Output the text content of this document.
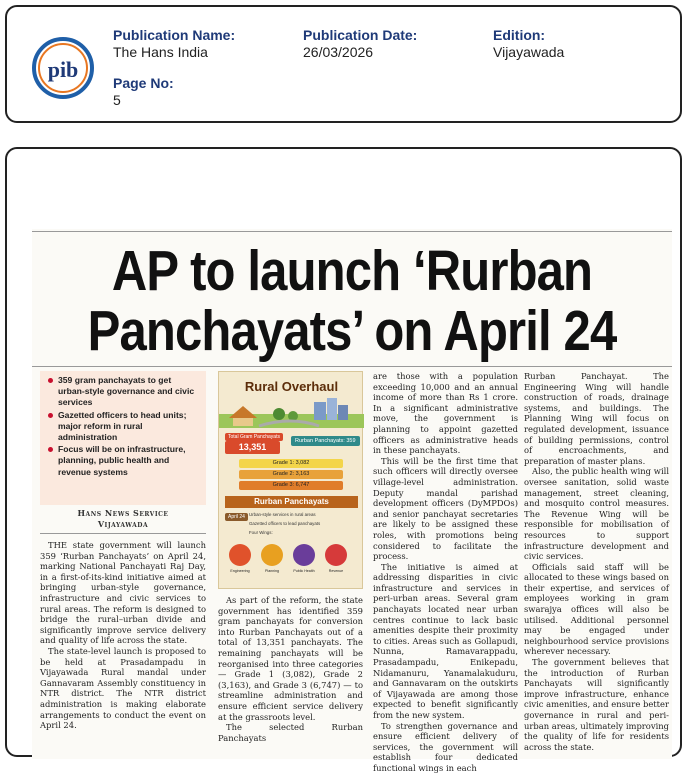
pib
Publication Name:
The Hans India
Publication Date:
26/03/2026
Edition:
Vijayawada
Page No:
5
AP to launch ‘Rurban
Panchayats’ on April 24
359 gram panchayats to get urban-style governance and civic services
Gazetted officers to head units; major reform in rural administration
Focus will be on infrastructure, planning, public health and revenue systems
Hans News Service
Vijayawada

THE state government will launch 359 ‘Rurban Panchayats’ on April 24, marking National Panchayati Raj Day, in a first-of-its-kind initiative aimed at bringing urban-style governance, infrastructure and civic services to rural areas. The reform is designed to bridge the rural–urban divide and significantly improve service delivery and quality of life across the state.

The state-level launch is proposed to be held at Prasadampadu in Vijayawada Rural mandal under Gannavaram Assembly constituency in NTR district. The NTR district administration is making elaborate arrangements to conduct the event on April 24.

Rural Overhaul
Total Gram Panchayats
13,351
Rurban Panchayats: 359
Grade 1: 3,082
Grade 2: 3,163
Grade 3: 6,747
Rurban Panchayats
April 24 Urban-style services in rural areas
Gazetted officers to lead panchayats
Four Wings:
Engineering	Planning	Public Health	Revenue

As part of the reform, the state government has identified 359 gram panchayats for conversion into Rurban Panchayats out of a total of 13,351 panchayats. The remaining panchayats will be reorganised into three categories — Grade 1 (3,082), Grade 2 (3,163), and Grade 3 (6,747) — to streamline administration and ensure efficient service delivery at the grassroots level.

The selected Rurban Panchayats

are those with a population exceeding 10,000 and an annual income of more than Rs 1 crore. In a significant administrative move, the government is planning to appoint gazetted officers as administrative heads in these panchayats.

This will be the first time that such officers will directly oversee village-level administration. Deputy mandal parishad development officers (DyMPDOs) and senior panchayat secretaries are likely to be assigned these roles, with promotions being considered to facilitate the process.

The initiative is aimed at addressing disparities in civic infrastructure and services in peri-urban areas. Several gram panchayats located near urban centres continue to lack basic amenities despite their proximity to cities. Areas such as Gollapudi, Nunna, Ramavarappadu, Prasadampadu, Enikepadu, Nidamanuru, Yanamalakuduru, and Gannavaram on the outskirts of Vijayawada are among those expected to benefit significantly from the new system.

To strengthen governance and ensure efficient delivery of services, the government will establish four dedicated functional wings in each

Rurban Panchayat. The Engineering Wing will handle construction of roads, drainage systems, and buildings. The Planning Wing will focus on regulated development, issuance of building permissions, control of encroachments, and preparation of master plans.

Also, the public health wing will oversee sanitation, solid waste management, street cleaning, and mosquito control measures. The Revenue Wing will be responsible for mobilisation of resources to support infrastructure development and civic services.

Officials said staff will be allocated to these wings based on their expertise, and services of employees working in gram swarajya offices will also be utilised. Additional personnel may be engaged under neighbourhood service provisions wherever necessary.

The government believes that the introduction of Rurban Panchayats will significantly improve infrastructure, enhance civic amenities, and ensure better governance in rural and peri-urban areas, ultimately improving the quality of life for residents across the state.
